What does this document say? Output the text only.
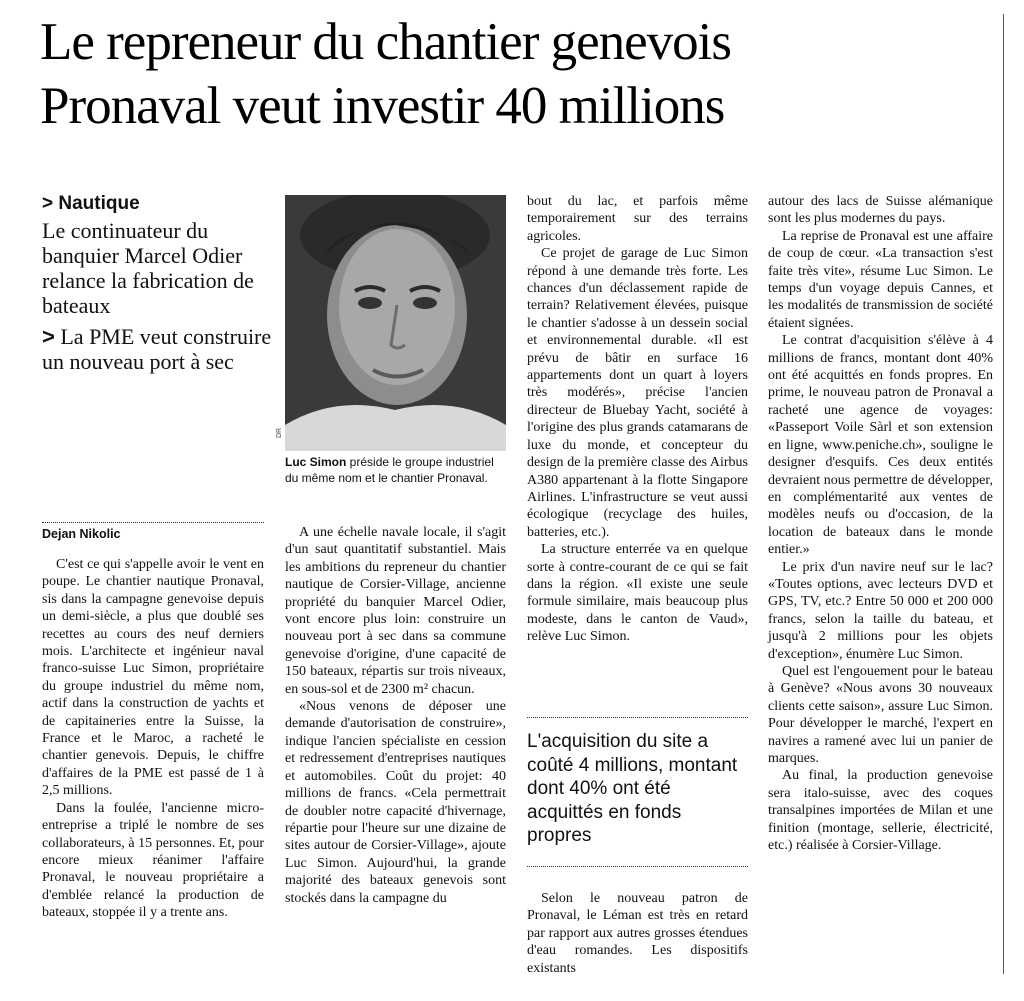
Le repreneur du chantier genevois
Pronaval veut investir 40 millions
> Nautique
Le continuateur du banquier Marcel Odier relance la fabrication de bateaux
> La PME veut construire un nouveau port à sec
Dejan Nikolic

C'est ce qui s'appelle avoir le vent en poupe. Le chantier nautique Pronaval, sis dans la campagne genevoise depuis un demi-siècle, a plus que doublé ses recettes au cours des neuf derniers mois. L'architecte et ingénieur naval franco-suisse Luc Simon, propriétaire du groupe industriel du même nom, actif dans la construction de yachts et de capitaineries entre la Suisse, la France et le Maroc, a racheté le chantier genevois. Depuis, le chiffre d'affaires de la PME est passé de 1 à 2,5 millions.

Dans la foulée, l'ancienne micro-entreprise a triplé le nombre de ses collaborateurs, à 15 personnes. Et, pour encore mieux réanimer l'affaire Pronaval, le nouveau propriétaire a d'emblée relancé la production de bateaux, stoppée il y a trente ans.

DR
Luc Simon préside le groupe industriel du même nom et le chantier Pronaval.

A une échelle navale locale, il s'agit d'un saut quantitatif substantiel. Mais les ambitions du repreneur du chantier nautique de Corsier-Village, ancienne propriété du banquier Marcel Odier, vont encore plus loin: construire un nouveau port à sec dans sa commune genevoise d'origine, d'une capacité de 150 bateaux, répartis sur trois niveaux, en sous-sol et de 2300 m² chacun.

«Nous venons de déposer une demande d'autorisation de construire», indique l'ancien spécialiste en cession et redressement d'entreprises nautiques et automobiles. Coût du projet: 40 millions de francs. «Cela permettrait de doubler notre capacité d'hivernage, répartie pour l'heure sur une dizaine de sites autour de Corsier-Village», ajoute Luc Simon. Aujourd'hui, la grande majorité des bateaux genevois sont stockés dans la campagne du

bout du lac, et parfois même temporairement sur des terrains agricoles.

Ce projet de garage de Luc Simon répond à une demande très forte. Les chances d'un déclassement rapide de terrain? Relativement élevées, puisque le chantier s'adosse à un dessein social et environnemental durable. «Il est prévu de bâtir en surface 16 appartements dont un quart à loyers très modérés», précise l'ancien directeur de Bluebay Yacht, société à l'origine des plus grands catamarans de luxe du monde, et concepteur du design de la première classe des Airbus A380 appartenant à la flotte Singapore Airlines. L'infrastructure se veut aussi écologique (recyclage des huiles, batteries, etc.).

La structure enterrée va en quelque sorte à contre-courant de ce qui se fait dans la région. «Il existe une seule formule similaire, mais beaucoup plus modeste, dans le canton de Vaud», relève Luc Simon.

L'acquisition du site a coûté 4 millions, montant dont 40% ont été acquittés en fonds propres

Selon le nouveau patron de Pronaval, le Léman est très en retard par rapport aux autres grosses étendues d'eau romandes. Les dispositifs existants

autour des lacs de Suisse alémanique sont les plus modernes du pays.

La reprise de Pronaval est une affaire de coup de cœur. «La transaction s'est faite très vite», résume Luc Simon. Le temps d'un voyage depuis Cannes, et les modalités de transmission de société étaient signées.

Le contrat d'acquisition s'élève à 4 millions de francs, montant dont 40% ont été acquittés en fonds propres. En prime, le nouveau patron de Pronaval a racheté une agence de voyages: «Passeport Voile Sàrl et son extension en ligne, www.peniche.ch», souligne le designer d'esquifs. Ces deux entités devraient nous permettre de développer, en complémentarité aux ventes de modèles neufs ou d'occasion, de la location de bateaux dans le monde entier.»

Le prix d'un navire neuf sur le lac? «Toutes options, avec lecteurs DVD et GPS, TV, etc.? Entre 50 000 et 200 000 francs, selon la taille du bateau, et jusqu'à 2 millions pour les objets d'exception», énumère Luc Simon.

Quel est l'engouement pour le bateau à Genève? «Nous avons 30 nouveaux clients cette saison», assure Luc Simon. Pour développer le marché, l'expert en navires a ramené avec lui un panier de marques.

Au final, la production genevoise sera italo-suisse, avec des coques transalpines importées de Milan et une finition (montage, sellerie, électricité, etc.) réalisée à Corsier-Village.
